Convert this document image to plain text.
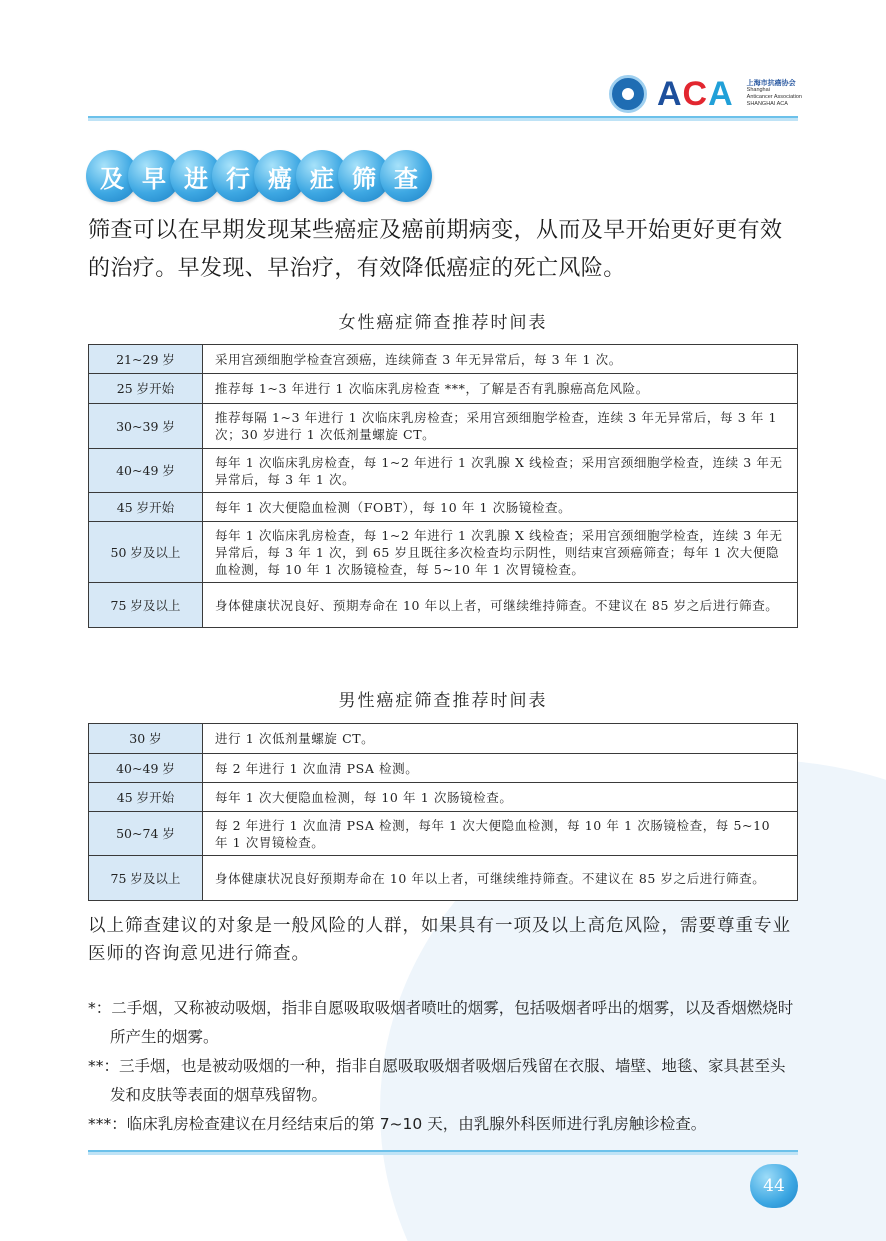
A C A 上海市抗癌协会
Shanghai
Anticancer Association
SHANGHAI ACA
及 早 进 行 癌 症 筛 查

筛查可以在早期发现某些癌症及癌前期病变，从而及早开始更好更有效的治疗。早发现、早治疗，有效降低癌症的死亡风险。

女性癌症筛查推荐时间表
21~29 岁	采用宫颈细胞学检查宫颈癌，连续筛查 3 年无异常后，每 3 年 1 次。
25 岁开始	推荐每 1~3 年进行 1 次临床乳房检查 ***，了解是否有乳腺癌高危风险。
30~39 岁	推荐每隔 1~3 年进行 1 次临床乳房检查；采用宫颈细胞学检查，连续 3 年无异常后，每 3 年 1 次；30 岁进行 1 次低剂量螺旋 CT。
40~49 岁	每年 1 次临床乳房检查，每 1~2 年进行 1 次乳腺 X 线检查；采用宫颈细胞学检查，连续 3 年无异常后，每 3 年 1 次。
45 岁开始	每年 1 次大便隐血检测（FOBT），每 10 年 1 次肠镜检查。
50 岁及以上	每年 1 次临床乳房检查，每 1~2 年进行 1 次乳腺 X 线检查；采用宫颈细胞学检查，连续 3 年无异常后，每 3 年 1 次，到 65 岁且既往多次检查均示阴性，则结束宫颈癌筛查；每年 1 次大便隐血检测，每 10 年 1 次肠镜检查，每 5~10 年 1 次胃镜检查。
75 岁及以上	身体健康状况良好、预期寿命在 10 年以上者，可继续维持筛查。不建议在 85 岁之后进行筛查。
男性癌症筛查推荐时间表
30 岁	进行 1 次低剂量螺旋 CT。
40~49 岁	每 2 年进行 1 次血清 PSA 检测。
45 岁开始	每年 1 次大便隐血检测，每 10 年 1 次肠镜检查。
50~74 岁	每 2 年进行 1 次血清 PSA 检测，每年 1 次大便隐血检测，每 10 年 1 次肠镜检查，每 5~10 年 1 次胃镜检查。
75 岁及以上	身体健康状况良好预期寿命在 10 年以上者，可继续维持筛查。不建议在 85 岁之后进行筛查。

以上筛查建议的对象是一般风险的人群，如果具有一项及以上高危风险，需要尊重专业医师的咨询意见进行筛查。

*：二手烟，又称被动吸烟，指非自愿吸取吸烟者喷吐的烟雾，包括吸烟者呼出的烟雾，以及香烟燃烧时所产生的烟雾。

**：三手烟，也是被动吸烟的一种，指非自愿吸取吸烟者吸烟后残留在衣服、墙壁、地毯、家具甚至头发和皮肤等表面的烟草残留物。

***：临床乳房检查建议在月经结束后的第 7~10 天，由乳腺外科医师进行乳房触诊检查。

44
